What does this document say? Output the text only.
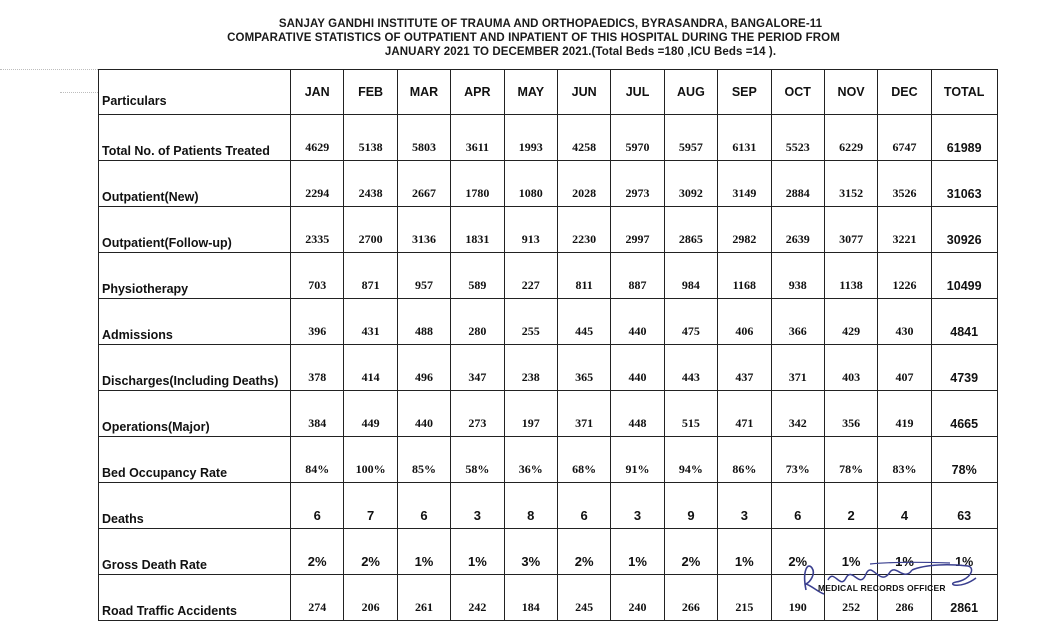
SANJAY GANDHI INSTITUTE OF TRAUMA AND ORTHOPAEDICS, BYRASANDRA, BANGALORE-11
COMPARATIVE STATISTICS OF OUTPATIENT AND INPATIENT OF THIS HOSPITAL DURING THE PERIOD FROM
JANUARY 2021 TO DECEMBER 2021.(Total Beds =180 ,ICU Beds =14 ).
Particulars	JAN	FEB	MAR	APR	MAY	JUN	JUL	AUG	SEP	OCT	NOV	DEC	TOTAL
Total No. of Patients Treated	4629	5138	5803	3611	1993	4258	5970	5957	6131	5523	6229	6747	61989
Outpatient(New)	2294	2438	2667	1780	1080	2028	2973	3092	3149	2884	3152	3526	31063
Outpatient(Follow-up)	2335	2700	3136	1831	913	2230	2997	2865	2982	2639	3077	3221	30926
Physiotherapy	703	871	957	589	227	811	887	984	1168	938	1138	1226	10499
Admissions	396	431	488	280	255	445	440	475	406	366	429	430	4841
Discharges(Including Deaths)	378	414	496	347	238	365	440	443	437	371	403	407	4739
Operations(Major)	384	449	440	273	197	371	448	515	471	342	356	419	4665
Bed Occupancy Rate	84%	100%	85%	58%	36%	68%	91%	94%	86%	73%	78%	83%	78%
Deaths	6	7	6	3	8	6	3	9	3	6	2	4	63
Gross Death Rate	2%	2%	1%	1%	3%	2%	1%	2%	1%	2%	1%	1%	1%
Road Traffic Accidents	274	206	261	242	184	245	240	266	215	190	252	286	2861
MEDICAL RECORDS OFFICER
